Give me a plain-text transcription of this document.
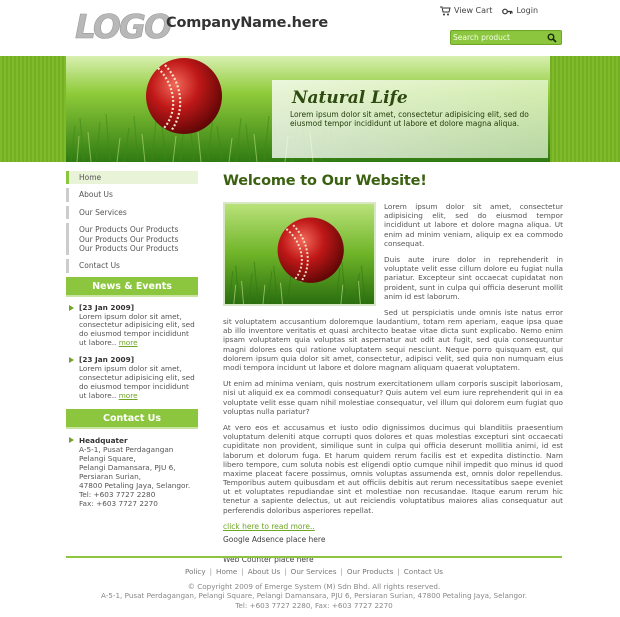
LOGO
CompanyName.here
View Cart	Login
Search product
Natural Life
Lorem ipsum dolor sit amet, consectetur adipisicing elit, sed do eiusmod tempor incididunt ut labore et dolore magna aliqua.
Home
About Us
Our Services
Our Products Our Products
Our Products Our Products
Our Products Our Products
Contact Us
News & Events
[23 Jan 2009]
Lorem ipsum dolor sit amet, consectetur adipisicing elit, sed do eiusmod tempor incididunt ut labore.. more
[23 Jan 2009]
Lorem ipsum dolor sit amet, consectetur adipisicing elit, sed do eiusmod tempor incididunt ut labore.. more
Contact Us
Headquater
A-5-1, Pusat Perdagangan
Pelangi Square,
Pelangi Damansara, PJU 6,
Persiaran Surian,
47800 Petaling Jaya, Selangor.
Tel: +603 7727 2280
Fax: +603 7727 2270
Welcome to Our Website!

Lorem ipsum dolor sit amet, consectetur adipisicing elit, sed do eiusmod tempor incididunt ut labore et dolore magna aliqua. Ut enim ad minim veniam, aliquip ex ea commodo consequat.

Duis aute irure dolor in reprehenderit in voluptate velit esse cillum dolore eu fugiat nulla pariatur. Excepteur sint occaecat cupidatat non proident, sunt in culpa qui officia deserunt mollit anim id est laborum.

Sed ut perspiciatis unde omnis iste natus error sit voluptatem accusantium doloremque laudantium, totam rem aperiam, eaque ipsa quae ab illo inventore veritatis et quasi architecto beatae vitae dicta sunt explicabo. Nemo enim ipsam voluptatem quia voluptas sit aspernatur aut odit aut fugit, sed quia consequuntur magni dolores eos qui ratione voluptatem sequi nesciunt. Neque porro quisquam est, qui dolorem ipsum quia dolor sit amet, consectetur, adipisci velit, sed quia non numquam eius modi tempora incidunt ut labore et dolore magnam aliquam quaerat voluptatem.

Ut enim ad minima veniam, quis nostrum exercitationem ullam corporis suscipit laboriosam, nisi ut aliquid ex ea commodi consequatur? Quis autem vel eum iure reprehenderit qui in ea voluptate velit esse quam nihil molestiae consequatur, vel illum qui dolorem eum fugiat quo voluptas nulla pariatur?

At vero eos et accusamus et iusto odio dignissimos ducimus qui blanditiis praesentium voluptatum deleniti atque corrupti quos dolores et quas molestias excepturi sint occaecati cupiditate non provident, similique sunt in culpa qui officia deserunt mollitia animi, id est laborum et dolorum fuga. Et harum quidem rerum facilis est et expedita distinctio. Nam libero tempore, cum soluta nobis est eligendi optio cumque nihil impedit quo minus id quod maxime placeat facere possimus, omnis voluptas assumenda est, omnis dolor repellendus. Temporibus autem quibusdam et aut officiis debitis aut rerum necessitatibus saepe eveniet ut et voluptates repudiandae sint et molestiae non recusandae. Itaque earum rerum hic tenetur a sapiente delectus, ut aut reiciendis voluptatibus maiores alias consequatur aut perferendis doloribus asperiores repellat.

click here to read more..
Google Adsence place here
Web Counter place here
Policy | Home | About Us | Our Services | Our Products | Contact Us
© Copyright 2009 of Emerge System (M) Sdn Bhd. All rights reserved.
A-5-1, Pusat Perdagangan, Pelangi Square, Pelangi Damansara, PJU 6, Persiaran Surian, 47800 Petaling Jaya, Selangor.
Tel: +603 7727 2280, Fax: +603 7727 2270
